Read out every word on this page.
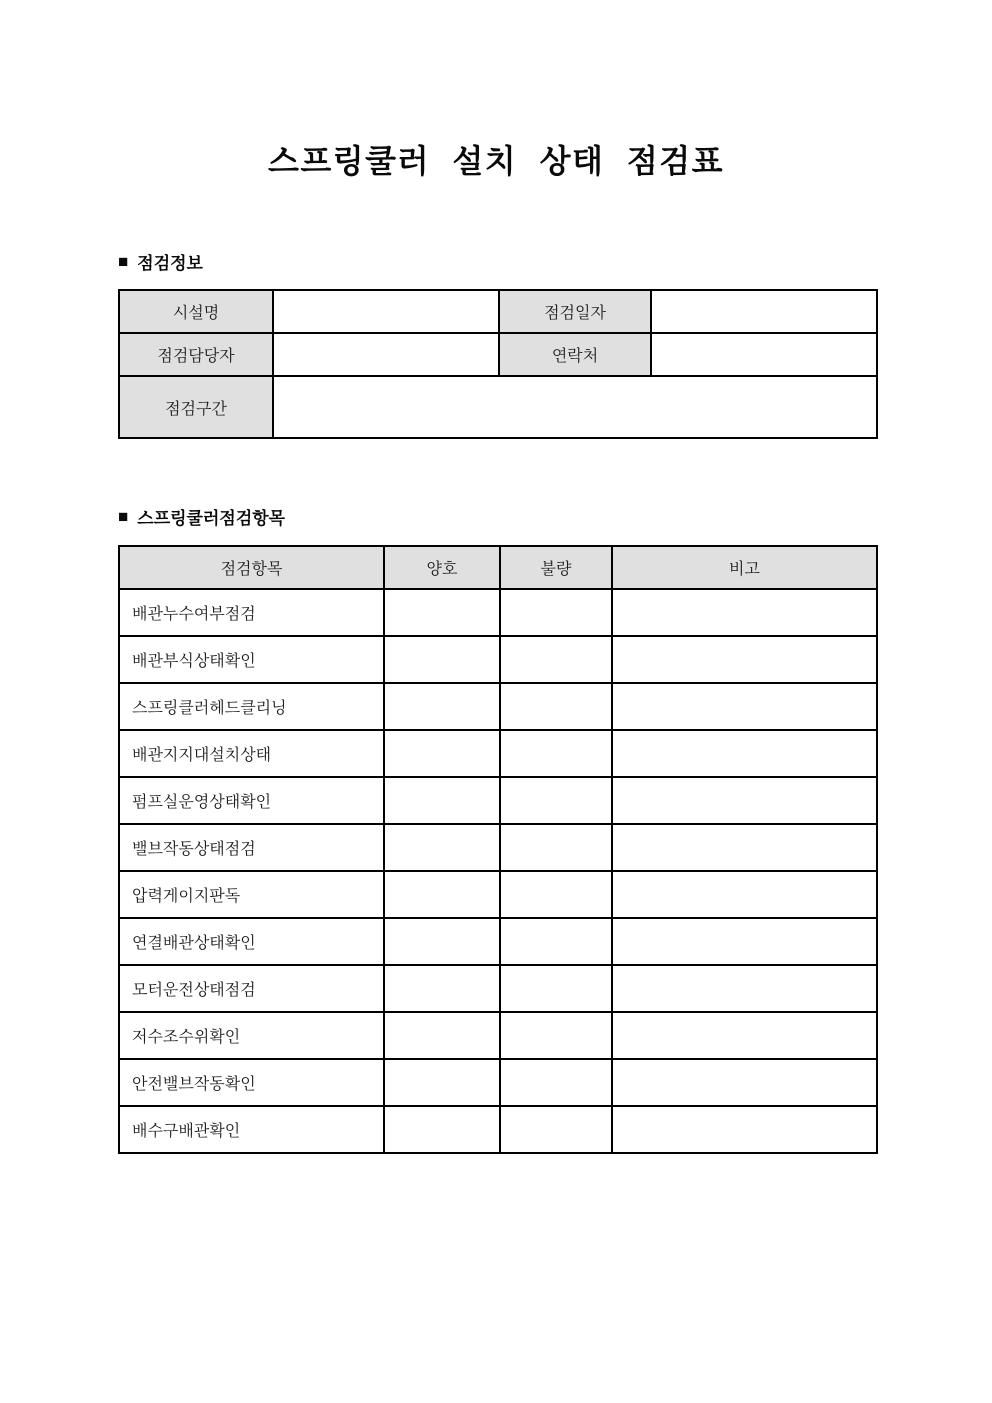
스프링쿨러 설치 상태 점검표
■ 점검정보
시설명		점검일자	
점검담당자		연락처	
점검구간			
■ 스프링쿨러점검항목
점검항목	양호	불량	비고
배관누수여부점검			
배관부식상태확인			
스프링클러헤드클리닝			
배관지지대설치상태			
펌프실운영상태확인			
밸브작동상태점검			
압력게이지판독			
연결배관상태확인			
모터운전상태점검			
저수조수위확인			
안전밸브작동확인			
배수구배관확인			
